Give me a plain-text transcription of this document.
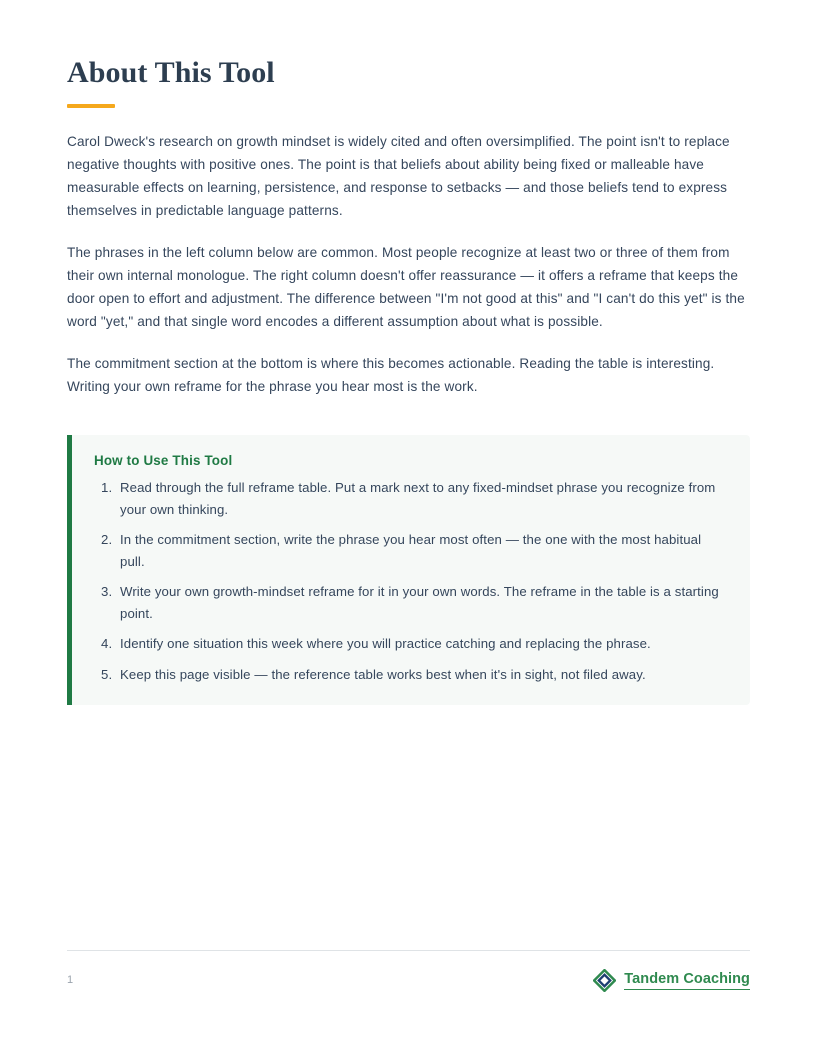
About This Tool

Carol Dweck's research on growth mindset is widely cited and often oversimplified. The point isn't to replace negative thoughts with positive ones. The point is that beliefs about ability being fixed or malleable have measurable effects on learning, persistence, and response to setbacks — and those beliefs tend to express themselves in predictable language patterns.

The phrases in the left column below are common. Most people recognize at least two or three of them from their own internal monologue. The right column doesn't offer reassurance — it offers a reframe that keeps the door open to effort and adjustment. The difference between "I'm not good at this" and "I can't do this yet" is the word "yet," and that single word encodes a different assumption about what is possible.

The commitment section at the bottom is where this becomes actionable. Reading the table is interesting. Writing your own reframe for the phrase you hear most is the work.

How to Use This Tool
1. Read through the full reframe table. Put a mark next to any fixed-mindset phrase you recognize from your own thinking.
2. In the commitment section, write the phrase you hear most often — the one with the most habitual pull.
3. Write your own growth-mindset reframe for it in your own words. The reframe in the table is a starting point.
4. Identify one situation this week where you will practice catching and replacing the phrase.
5. Keep this page visible — the reference table works best when it's in sight, not filed away.
1	Tandem Coaching
